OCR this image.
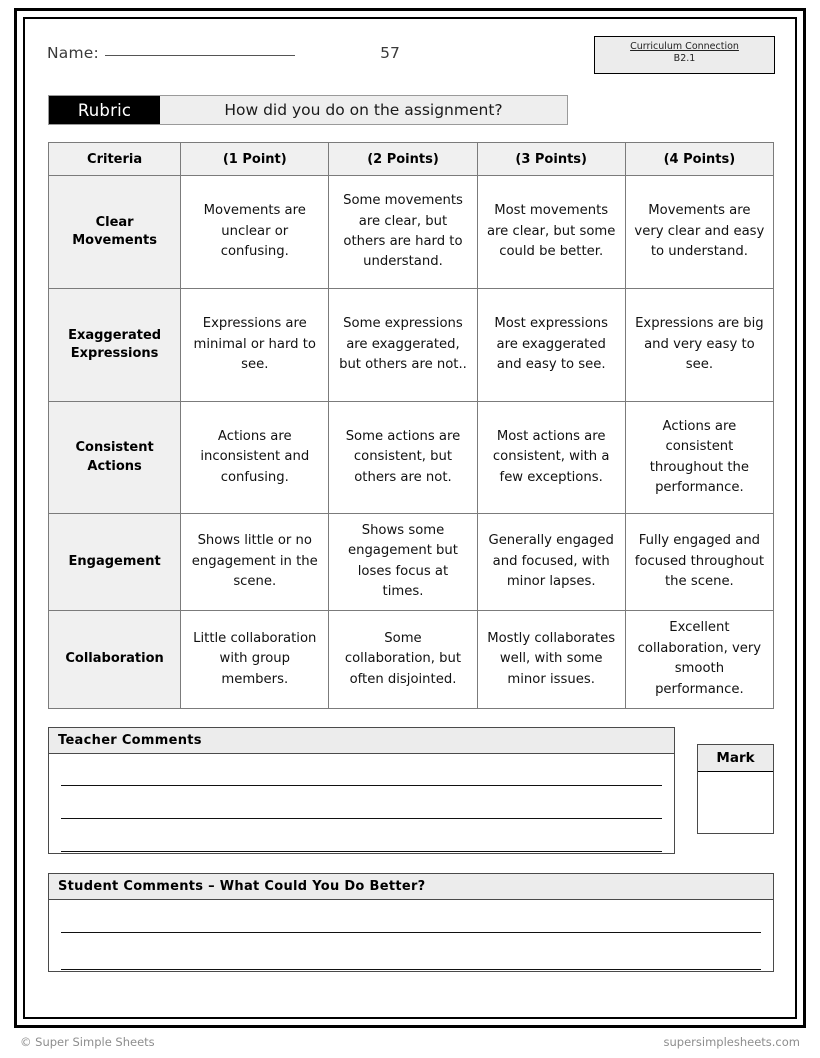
Name:	57	Curriculum Connection
B2.1
Rubric	How did you do on the assignment?
Criteria	(1 Point)	(2 Points)	(3 Points)	(4 Points)
Clear Movements	Movements are unclear or confusing.	Some movements are clear, but others are hard to understand.	Most movements are clear, but some could be better.	Movements are very clear and easy to understand.
Exaggerated Expressions	Expressions are minimal or hard to see.	Some expressions are exaggerated, but others are not..	Most expressions are exaggerated and easy to see.	Expressions are big and very easy to see.
Consistent Actions	Actions are inconsistent and confusing.	Some actions are consistent, but others are not.	Most actions are consistent, with a few exceptions.	Actions are consistent throughout the performance.
Engagement	Shows little or no engagement in the scene.	Shows some engagement but loses focus at times.	Generally engaged and focused, with minor lapses.	Fully engaged and focused throughout the scene.
Collaboration	Little collaboration with group members.	Some collaboration, but often disjointed.	Mostly collaborates well, with some minor issues.	Excellent collaboration, very smooth performance.
Teacher Comments
Mark
Student Comments – What Could You Do Better?
© Super Simple Sheets	supersimplesheets.com
